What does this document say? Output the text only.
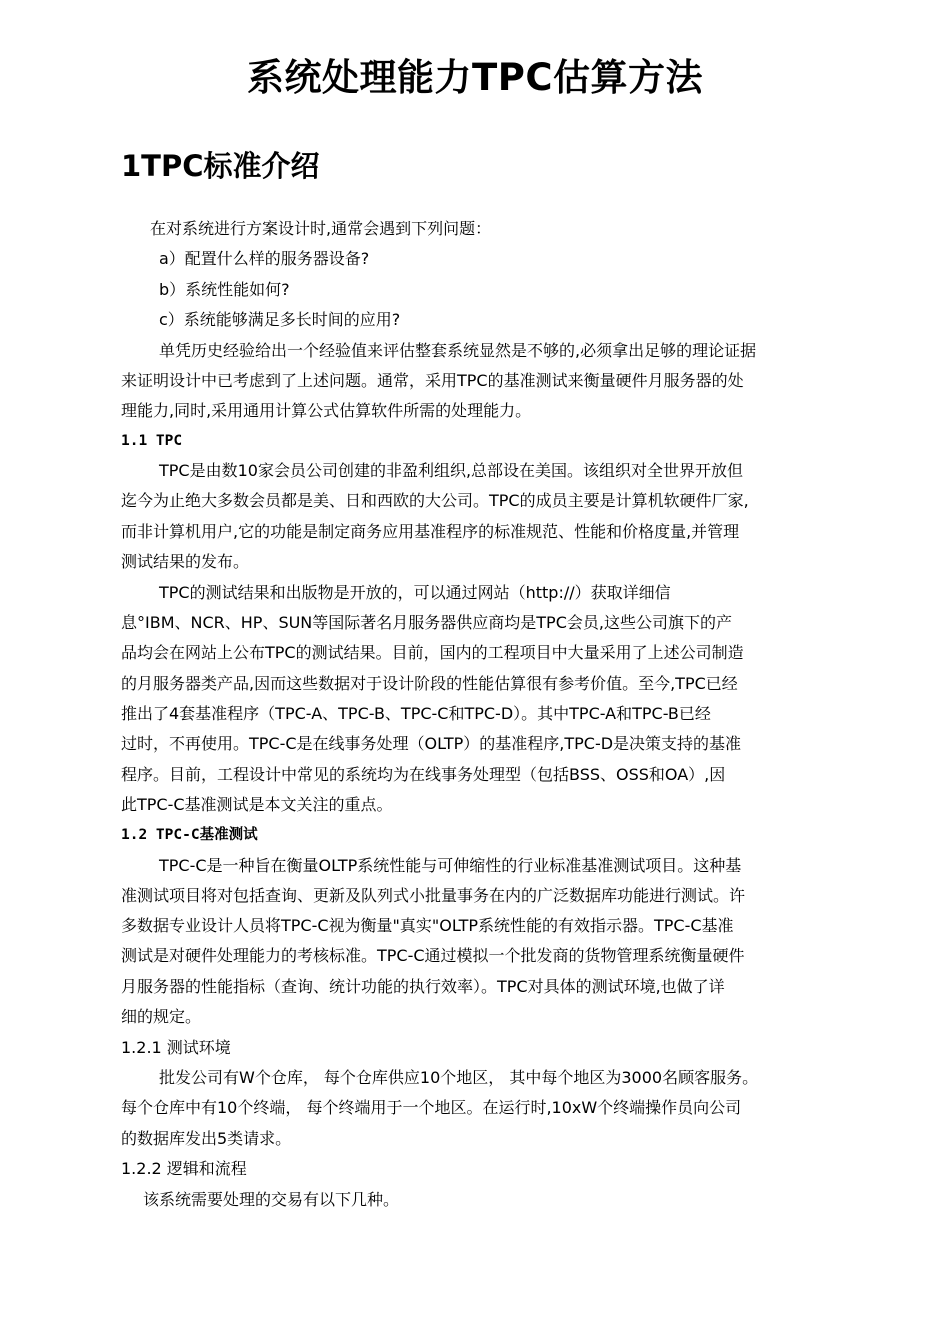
系统处理能力TPC估算方法
1TPC标准介绍
在对系统进行方案设计时,通常会遇到下列问题：
a）配置什么样的服务器设备?
b）系统性能如何?
c）系统能够满足多长时间的应用?
单凭历史经验给出一个经验值来评估整套系统显然是不够的,必须拿出足够的理论证据
来证明设计中已考虑到了上述问题。通常，采用TPC的基准测试来衡量硬件月服务器的处
理能力,同时,采用通用计算公式估算软件所需的处理能力。
1.1 TPC
TPC是由数10家会员公司创建的非盈利组织,总部设在美国。该组织对全世界开放但
迄今为止绝大多数会员都是美、日和西欧的大公司。TPC的成员主要是计算机软硬件厂家,
而非计算机用户,它的功能是制定商务应用基准程序的标准规范、性能和价格度量,并管理
测试结果的发布。
TPC的测试结果和出版物是开放的，可以通过网站（http://）获取详细信
息°IBM、NCR、HP、SUN等国际著名月服务器供应商均是TPC会员,这些公司旗下的产
品均会在网站上公布TPC的测试结果。目前，国内的工程项目中大量采用了上述公司制造
的月服务器类产品,因而这些数据对于设计阶段的性能估算很有参考价值。至今,TPC已经
推出了4套基准程序（TPC-A、TPC-B、TPC-C和TPC-D）。其中TPC-A和TPC-B已经
过时，不再使用。TPC-C是在线事务处理（OLTP）的基准程序,TPC-D是决策支持的基准
程序。目前，工程设计中常见的系统均为在线事务处理型（包括BSS、OSS和OA）,因
此TPC-C基准测试是本文关注的重点。
1.2 TPC-C基准测试
TPC-C是一种旨在衡量OLTP系统性能与可伸缩性的行业标准基准测试项目。这种基
准测试项目将对包括查询、更新及队列式小批量事务在内的广泛数据库功能进行测试。许
多数据专业设计人员将TPC-C视为衡量"真实"OLTP系统性能的有效指示器。TPC-C基准
测试是对硬件处理能力的考核标准。TPC-C通过模拟一个批发商的货物管理系统衡量硬件
月服务器的性能指标（查询、统计功能的执行效率）。TPC对具体的测试环境,也做了详
细的规定。
1.2.1 测试环境
批发公司有W个仓库， 每个仓库供应10个地区， 其中每个地区为3000名顾客服务。
每个仓库中有10个终端， 每个终端用于一个地区。在运行时,10xW个终端操作员向公司
的数据库发出5类请求。
1.2.2 逻辑和流程
该系统需要处理的交易有以下几种。
